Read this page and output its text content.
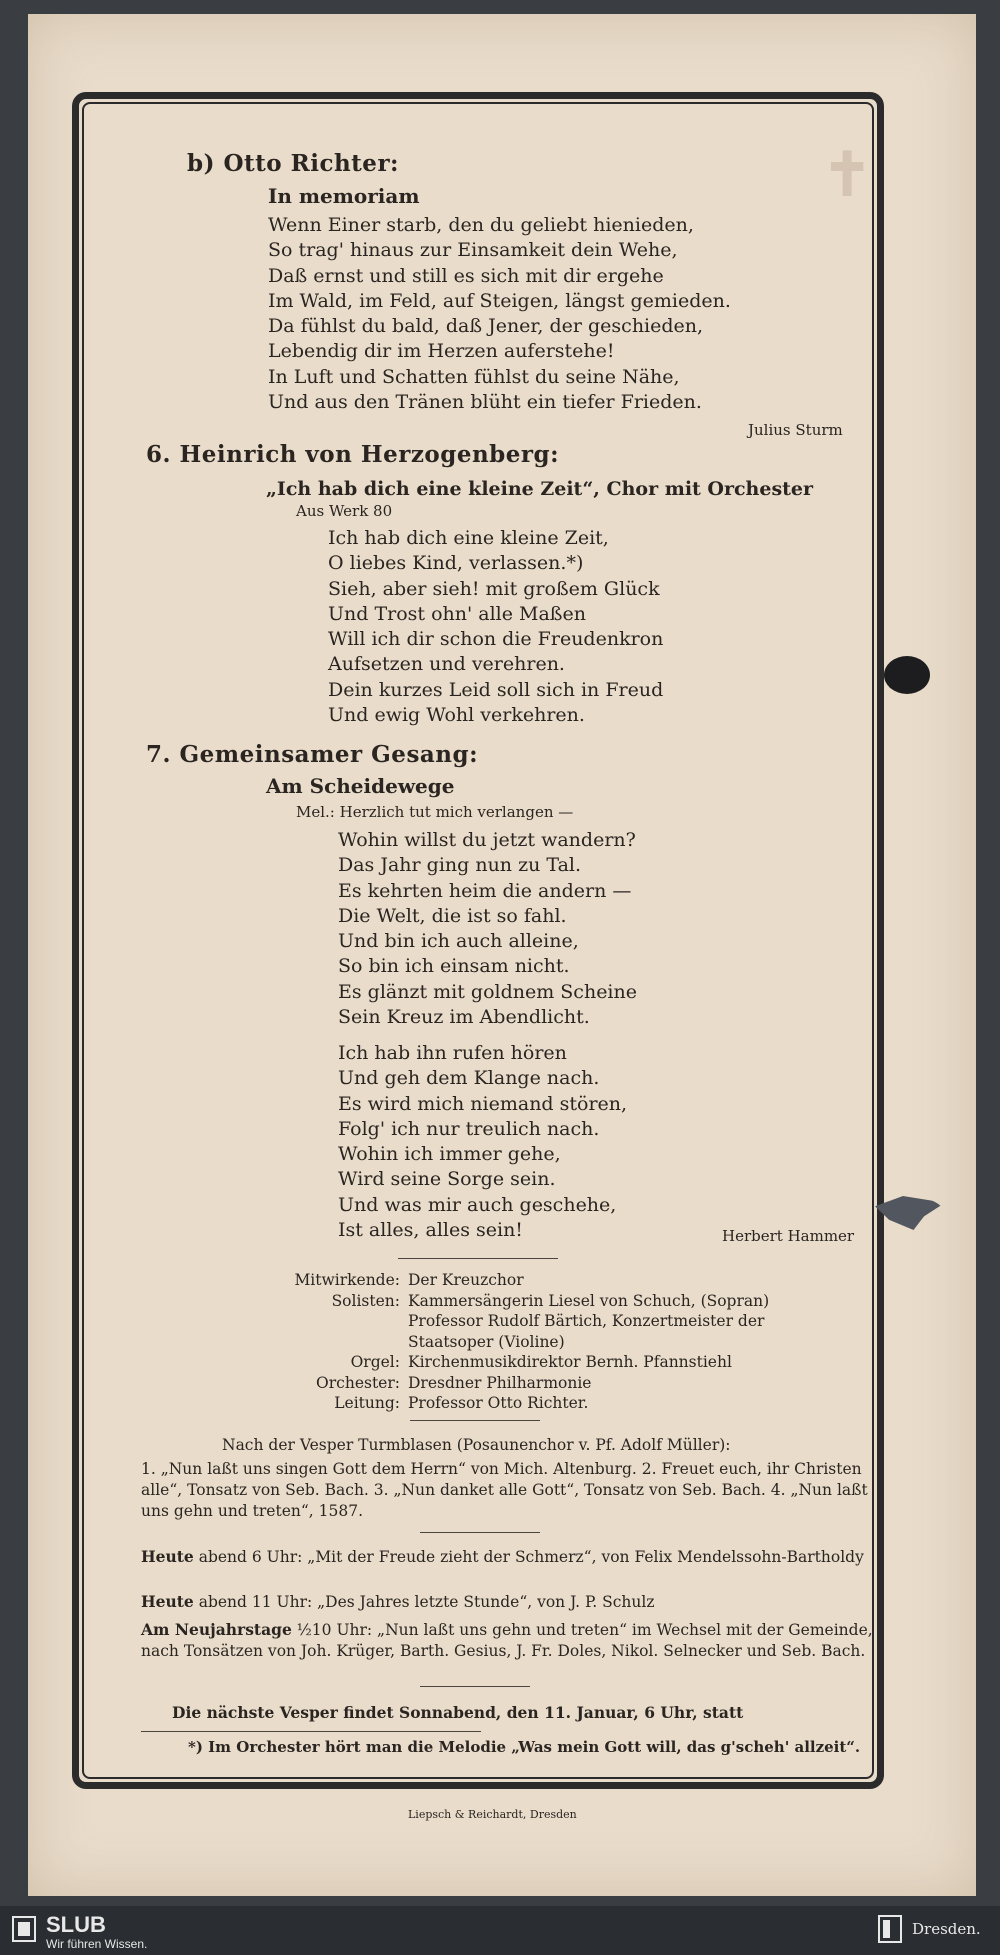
✝
b) Otto Richter:
In memoriam
Wenn Einer starb, den du geliebt hienieden,
So trag' hinaus zur Einsamkeit dein Wehe,
Daß ernst und still es sich mit dir ergehe
Im Wald, im Feld, auf Steigen, längst gemieden.
Da fühlst du bald, daß Jener, der geschieden,
Lebendig dir im Herzen auferstehe!
In Luft und Schatten fühlst du seine Nähe,
Und aus den Tränen blüht ein tiefer Frieden.
Julius Sturm
6. Heinrich von Herzogenberg:
„Ich hab dich eine kleine Zeit“, Chor mit Orchester
Aus Werk 80
Ich hab dich eine kleine Zeit,
O liebes Kind, verlassen.*)
Sieh, aber sieh! mit großem Glück
Und Trost ohn' alle Maßen
Will ich dir schon die Freudenkron
Aufsetzen und verehren.
Dein kurzes Leid soll sich in Freud
Und ewig Wohl verkehren.
7. Gemeinsamer Gesang:
Am Scheidewege
Mel.: Herzlich tut mich verlangen —
Wohin willst du jetzt wandern?
Das Jahr ging nun zu Tal.
Es kehrten heim die andern —
Die Welt, die ist so fahl.
Und bin ich auch alleine,
So bin ich einsam nicht.
Es glänzt mit goldnem Scheine
Sein Kreuz im Abendlicht.
Ich hab ihn rufen hören
Und geh dem Klange nach.
Es wird mich niemand stören,
Folg' ich nur treulich nach.
Wohin ich immer gehe,
Wird seine Sorge sein.
Und was mir auch geschehe,
Ist alles, alles sein!	Herbert Hammer
Mitwirkende: Der Kreuzchor
Solisten: Kammersängerin Liesel von Schuch, (Sopran)
Professor Rudolf Bärtich, Konzertmeister der
Staatsoper (Violine)
Orgel: Kirchenmusikdirektor Bernh. Pfannstiehl
Orchester: Dresdner Philharmonie
Leitung: Professor Otto Richter.
Nach der Vesper Turmblasen (Posaunenchor v. Pf. Adolf Müller):
1. „Nun laßt uns singen Gott dem Herrn“ von Mich. Altenburg. 2. Freuet euch, ihr Christen alle“, Tonsatz von Seb. Bach. 3. „Nun danket alle Gott“, Tonsatz von Seb. Bach. 4. „Nun laßt uns gehn und treten“, 1587.
Heute abend 6 Uhr: „Mit der Freude zieht der Schmerz“, von Felix Mendelssohn-Bartholdy
Heute abend 11 Uhr: „Des Jahres letzte Stunde“, von J. P. Schulz
Am Neujahrstage ½10 Uhr: „Nun laßt uns gehn und treten“ im Wechsel mit der Gemeinde, nach Tonsätzen von Joh. Krüger, Barth. Gesius, J. Fr. Doles, Nikol. Selnecker und Seb. Bach.
Die nächste Vesper findet Sonnabend, den 11. Januar, 6 Uhr, statt
*) Im Orchester hört man die Melodie „Was mein Gott will, das g'scheh' allzeit“.
Liepsch & Reichardt, Dresden
SLUB
Wir führen Wissen.
Dresden.
